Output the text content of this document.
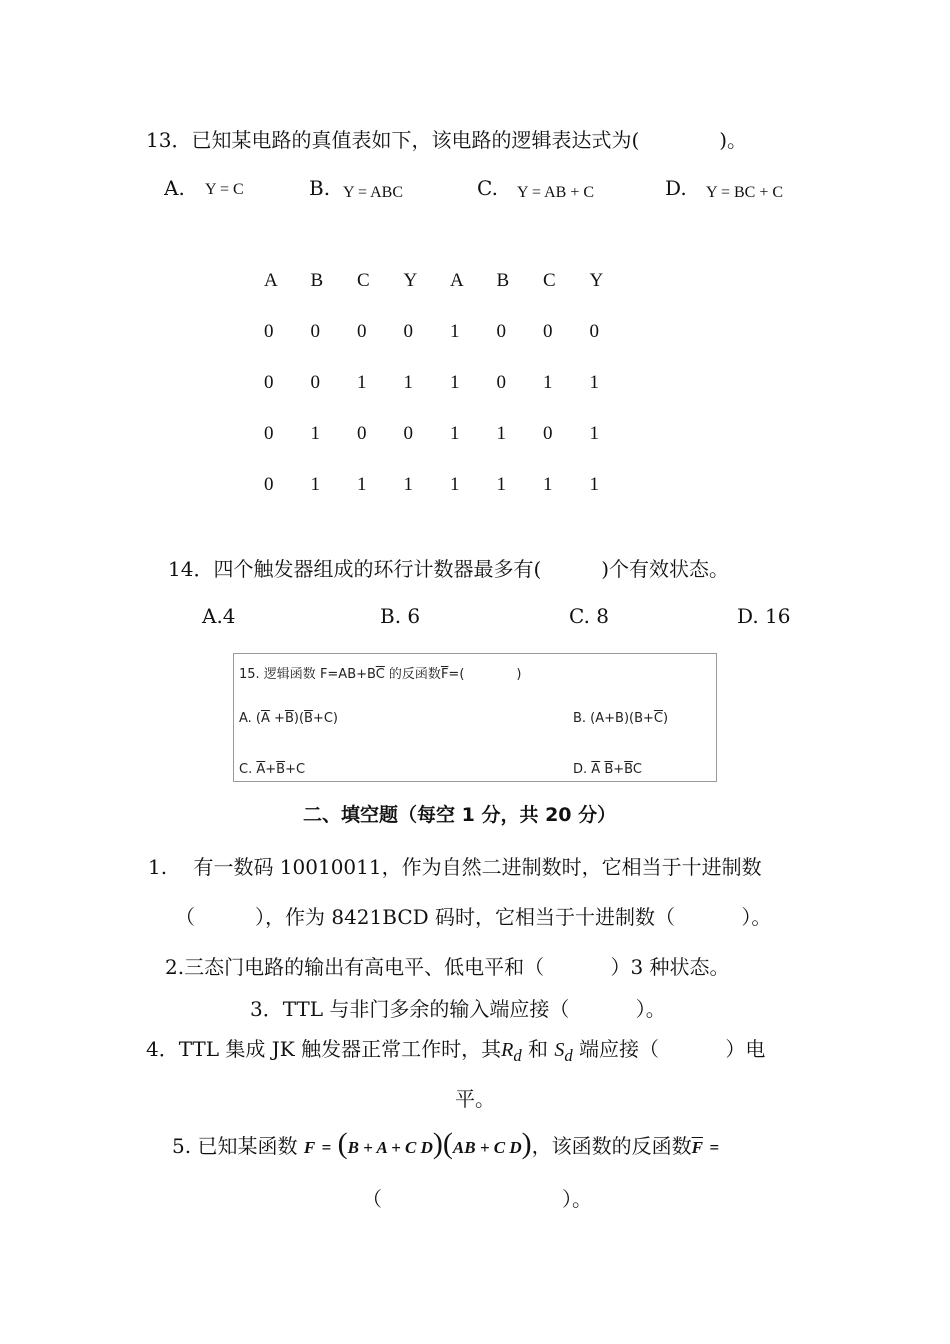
13．已知某电路的真值表如下，该电路的逻辑表达式为(　　　　)。
A. Y = C	B. Y = ABC	C. Y = AB + C	D. Y = BC + C
A	B	C	Y	A	B	C	Y
0	0	0	0	1	0	0	0
0	0	1	1	1	0	1	1
0	1	0	0	1	1	0	1
0	1	1	1	1	1	1	1
14．四个触发器组成的环行计数器最多有(　　　)个有效状态。
A.4	B. 6	C. 8	D. 16
15. 逻辑函数 $F=AB+B\overline{C}$ 的反函数$\overline{F}=$(　　　　)
A. $(\overline{A} +\overline{B})(\overline{B}+C)$	B. $(A+B)(B+\overline{C})$
C. $\overline{A}+\overline{B}+C$	D. $\overline{A}$ $\overline{B}+\overline{B}C$
二、填空题（每空 1 分，共 20 分）
1.　 有一数码 10010011，作为自然二进制数时，它相当于十进制数
（　　　），作为 8421BCD 码时，它相当于十进制数（　　　 ）。
2.三态门电路的输出有高电平、低电平和（　　　 ）3 种状态。
3．TTL 与非门多余的输入端应接（　　　 ）。
4．TTL 集成 JK 触发器正常工作时，其$R_d$ 和 $S_d$ 端应接（　　　 ）电
平。
5. 已知某函数 F = (B + A + C D)(AB + C D)，该函数的反函数$\overline{F}$ =
（　　　　　　　　　）。
